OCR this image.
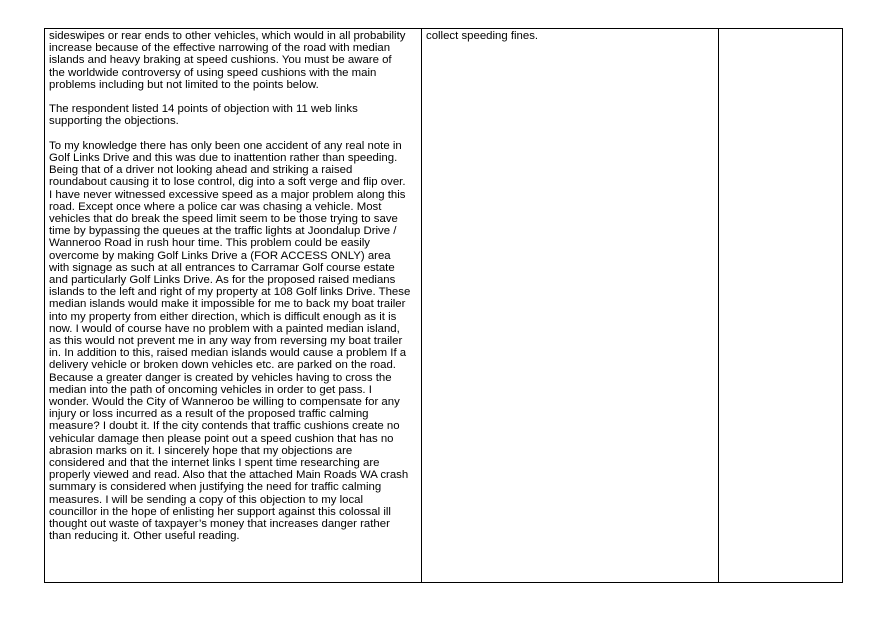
sideswipes or rear ends to other vehicles, which would in all probability
increase because of the effective narrowing of the road with median
islands and heavy braking at speed cushions. You must be aware of
the worldwide controversy of using speed cushions with the main
problems including but not limited to the points below.
The respondent listed 14 points of objection with 11 web links
supporting the objections.
To my knowledge there has only been one accident of any real note in
Golf Links Drive and this was due to inattention rather than speeding.
Being that of a driver not looking ahead and striking a raised
roundabout causing it to lose control, dig into a soft verge and flip over.
I have never witnessed excessive speed as a major problem along this
road. Except once where a police car was chasing a vehicle. Most
vehicles that do break the speed limit seem to be those trying to save
time by bypassing the queues at the traffic lights at Joondalup Drive /
Wanneroo Road in rush hour time. This problem could be easily
overcome by making Golf Links Drive a (FOR ACCESS ONLY) area
with signage as such at all entrances to Carramar Golf course estate
and particularly Golf Links Drive. As for the proposed raised medians
islands to the left and right of my property at 108 Golf links Drive. These
median islands would make it impossible for me to back my boat trailer
into my property from either direction, which is difficult enough as it is
now. I would of course have no problem with a painted median island,
as this would not prevent me in any way from reversing my boat trailer
in. In addition to this, raised median islands would cause a problem If a
delivery vehicle or broken down vehicles etc. are parked on the road.
Because a greater danger is created by vehicles having to cross the
median into the path of oncoming vehicles in order to get pass. I
wonder. Would the City of Wanneroo be willing to compensate for any
injury or loss incurred as a result of the proposed traffic calming
measure? I doubt it. If the city contends that traffic cushions create no
vehicular damage then please point out a speed cushion that has no
abrasion marks on it. I sincerely hope that my objections are
considered and that the internet links I spent time researching are
properly viewed and read. Also that the attached Main Roads WA crash
summary is considered when justifying the need for traffic calming
measures. I will be sending a copy of this objection to my local
councillor in the hope of enlisting her support against this colossal ill
thought out waste of taxpayer’s money that increases danger rather
than reducing it. Other useful reading.
	collect speeding fines.	
